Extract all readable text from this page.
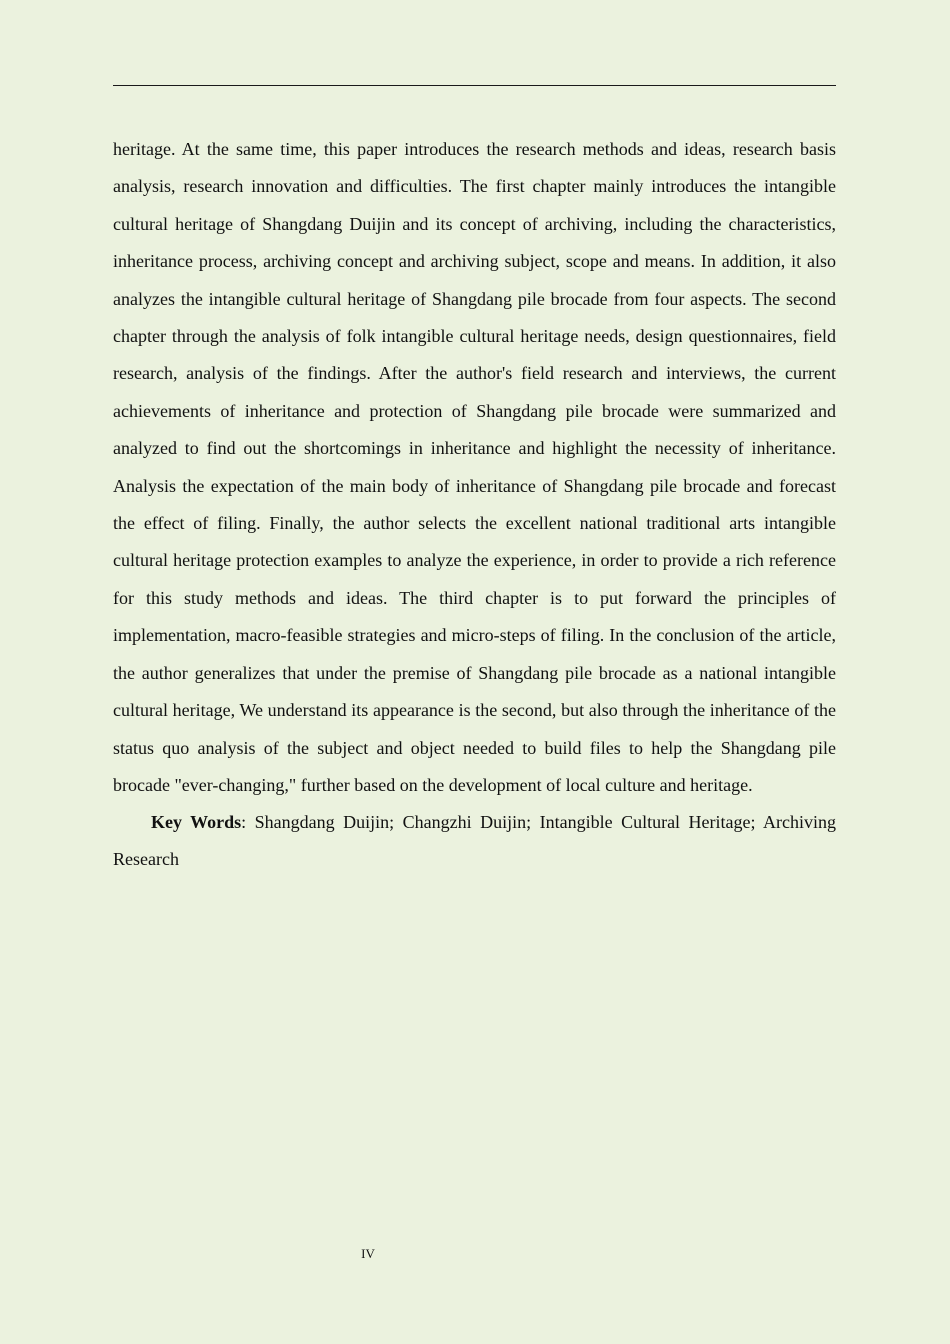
heritage. At the same time, this paper introduces the research methods and ideas, research basis analysis, research innovation and difficulties. The first chapter mainly introduces the intangible cultural heritage of Shangdang Duijin and its concept of archiving, including the characteristics, inheritance process, archiving concept and archiving subject, scope and means. In addition, it also analyzes the intangible cultural heritage of Shangdang pile brocade from four aspects. The second chapter through the analysis of folk intangible cultural heritage needs, design questionnaires, field research, analysis of the findings. After the author's field research and interviews, the current achievements of inheritance and protection of Shangdang pile brocade were summarized and analyzed to find out the shortcomings in inheritance and highlight the necessity of inheritance. Analysis the expectation of the main body of inheritance of Shangdang pile brocade and forecast the effect of filing. Finally, the author selects the excellent national traditional arts intangible cultural heritage protection examples to analyze the experience, in order to provide a rich reference for this study methods and ideas. The third chapter is to put forward the principles of implementation, macro-feasible strategies and micro-steps of filing. In the conclusion of the article, the author generalizes that under the premise of Shangdang pile brocade as a national intangible cultural heritage, We understand its appearance is the second, but also through the inheritance of the status quo analysis of the subject and object needed to build files to help the Shangdang pile brocade "ever-changing," further based on the development of local culture and heritage.

Key Words: Shangdang Duijin; Changzhi Duijin; Intangible Cultural Heritage; Archiving Research

IV
